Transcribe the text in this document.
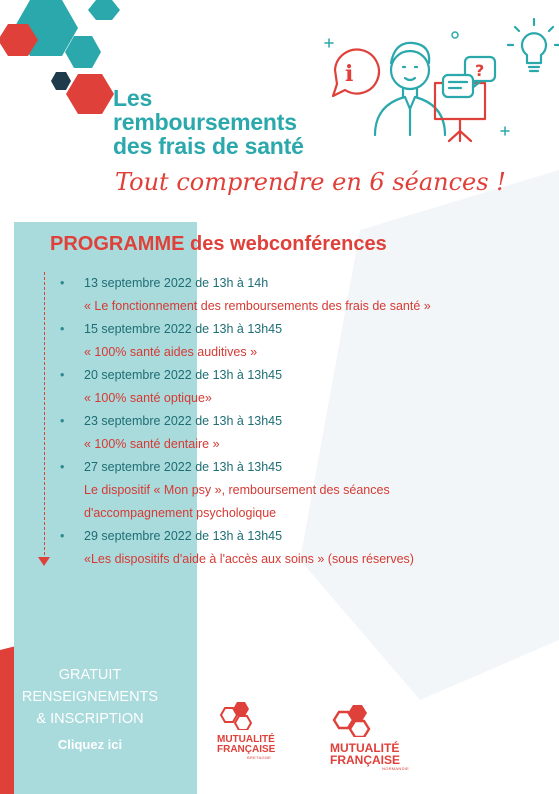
i	?
Les
remboursements
des frais de santé
Tout comprendre en 6 séances !
PROGRAMME des webconférences
• 13 septembre 2022 de 13h à 14h
« Le fonctionnement des remboursements des frais de santé »
• 15 septembre 2022 de 13h à 13h45
« 100% santé aides auditives »
• 20 septembre 2022 de 13h à 13h45
« 100% santé optique»
• 23 septembre 2022 de 13h à 13h45
« 100% santé dentaire »
• 27 septembre 2022 de 13h à 13h45
Le dispositif « Mon psy », remboursement des séances d'accompagnement psychologique
• 29 septembre 2022 de 13h à 13h45
«Les dispositifs d'aide à l'accès aux soins » (sous réserves)
GRATUIT
RENSEIGNEMENTS
& INSCRIPTION
Cliquez ici	MUTUALITÉ
FRANÇAISE
BRETAGNE
MUTUALITÉ
FRANÇAISE
NORMANDIE
